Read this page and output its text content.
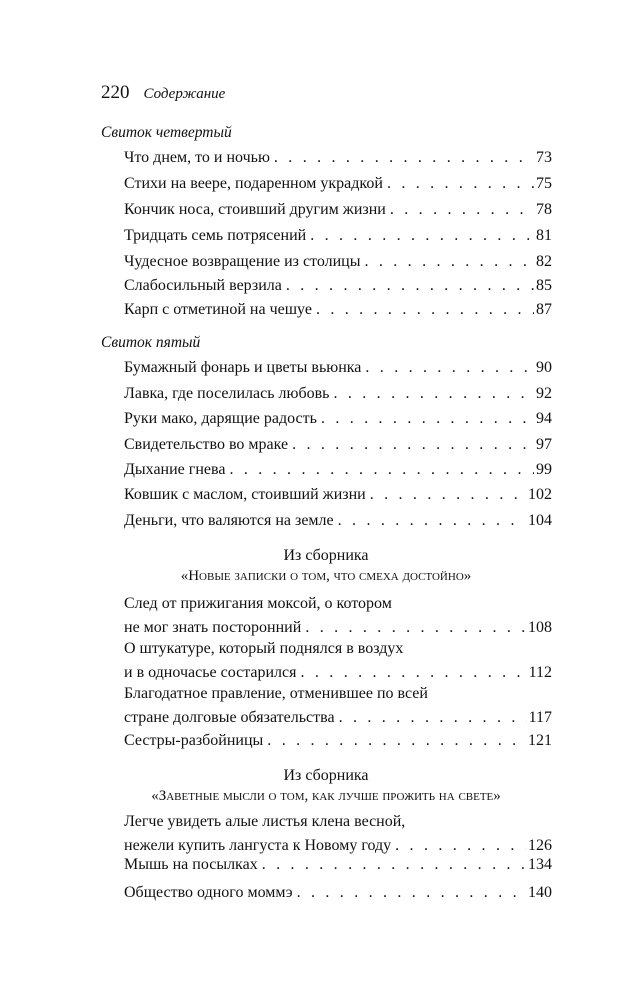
220 Содержание
Свиток четвертый
Что днем, то и ночью . . .	73
Стихи на веере, подаренном украдкой . . .	75
Кончик носа, стоивший другим жизни . . .	78
Тридцать семь потрясений . . .	81
Чудесное возвращение из столицы . . .	82
Слабосильный верзила . . .	85
Карп с отметиной на чешуе . . .	87
Свиток пятый
Бумажный фонарь и цветы вьюнка . . .	90
Лавка, где поселилась любовь . . .	92
Руки мако, дарящие радость . . .	94
Свидетельство во мраке . . .	97
Дыхание гнева . . .	99
Ковшик с маслом, стоивший жизни . . .	102
Деньги, что валяются на земле . . .	104
Из сборника
«Новые записки о том, что смеха достойно»
След от прижигания моксой, о котором
не мог знать посторонний . . .	108
О штукатуре, который поднялся в воздух
и в одночасье состарился . . .	112
Благодатное правление, отменившее по всей
стране долговые обязательства . . .	117
Сестры-разбойницы . . .	121
Из сборника
«Заветные мысли о том, как лучше прожить на свете»
Легче увидеть алые листья клена весной,
нежели купить лангуста к Новому году . . .	126
Мышь на посылках . . .	134
Общество одного моммэ . . .	140
